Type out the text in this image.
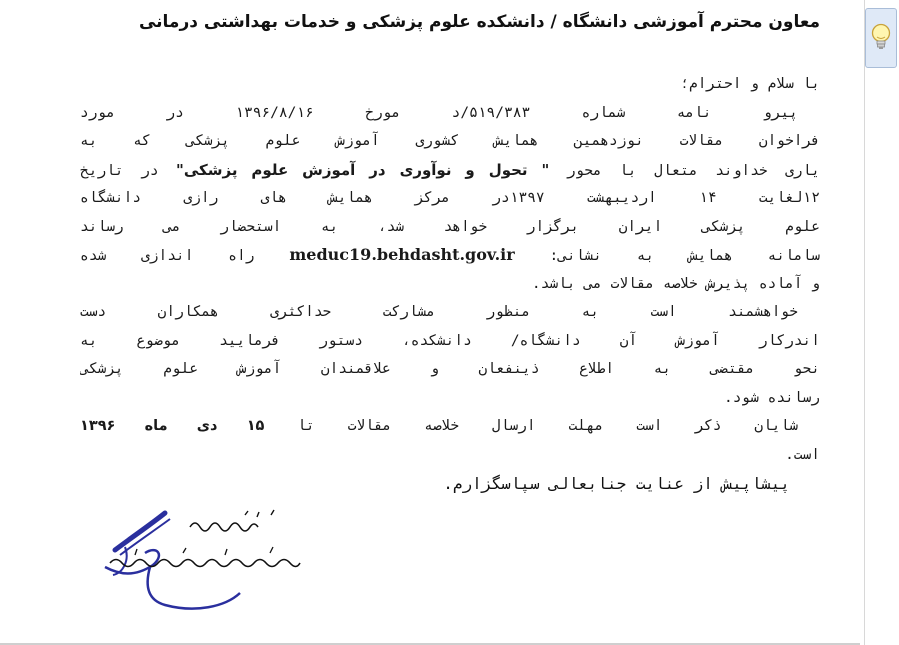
معاون محترم آموزشی دانشگاه / دانشکده علوم پزشکی و خدمات بهداشتی درمانی
با سلام و احترام؛
پیرو نامه شماره ۵۱۹/۳۸۳/د مورخ ۱۳۹۶/۸/۱۶ در مورد
فراخوان مقالات نوزدهمین همایش کشوری آموزش علوم پزشکی که به
یاری خداوند متعال با محور " تحول و نوآوری در آموزش علوم پزشکی" در تاریخ
۱۲لغایت ۱۴ اردیبهشت ۱۳۹۷در مرکز همایش های رازی دانشگاه
علوم پزشکی ایران برگزار خواهد شد، به استحضار می رساند
سامانه همایش به نشانی: meduc19.behdasht.gov.ir راه اندازی شده
و آماده پذیرش خلاصه مقالات می باشد.
خواهشمند است به منظور مشارکت حداکثری همکاران دست
اندرکار آموزش آن دانشگاه/ دانشکده، دستور فرمایید موضوع به
نحو مقتضی به اطلاع ذینفعان و علاقمندان آموزش علوم پزشکی
رسانده شود.
شایان ذکر است مهلت ارسال خلاصه مقالات تا ۱۵ دی ماه ۱۳۹۶
است.
پیشاپیش از عنایت جنابعالی سپاسگزارم.
